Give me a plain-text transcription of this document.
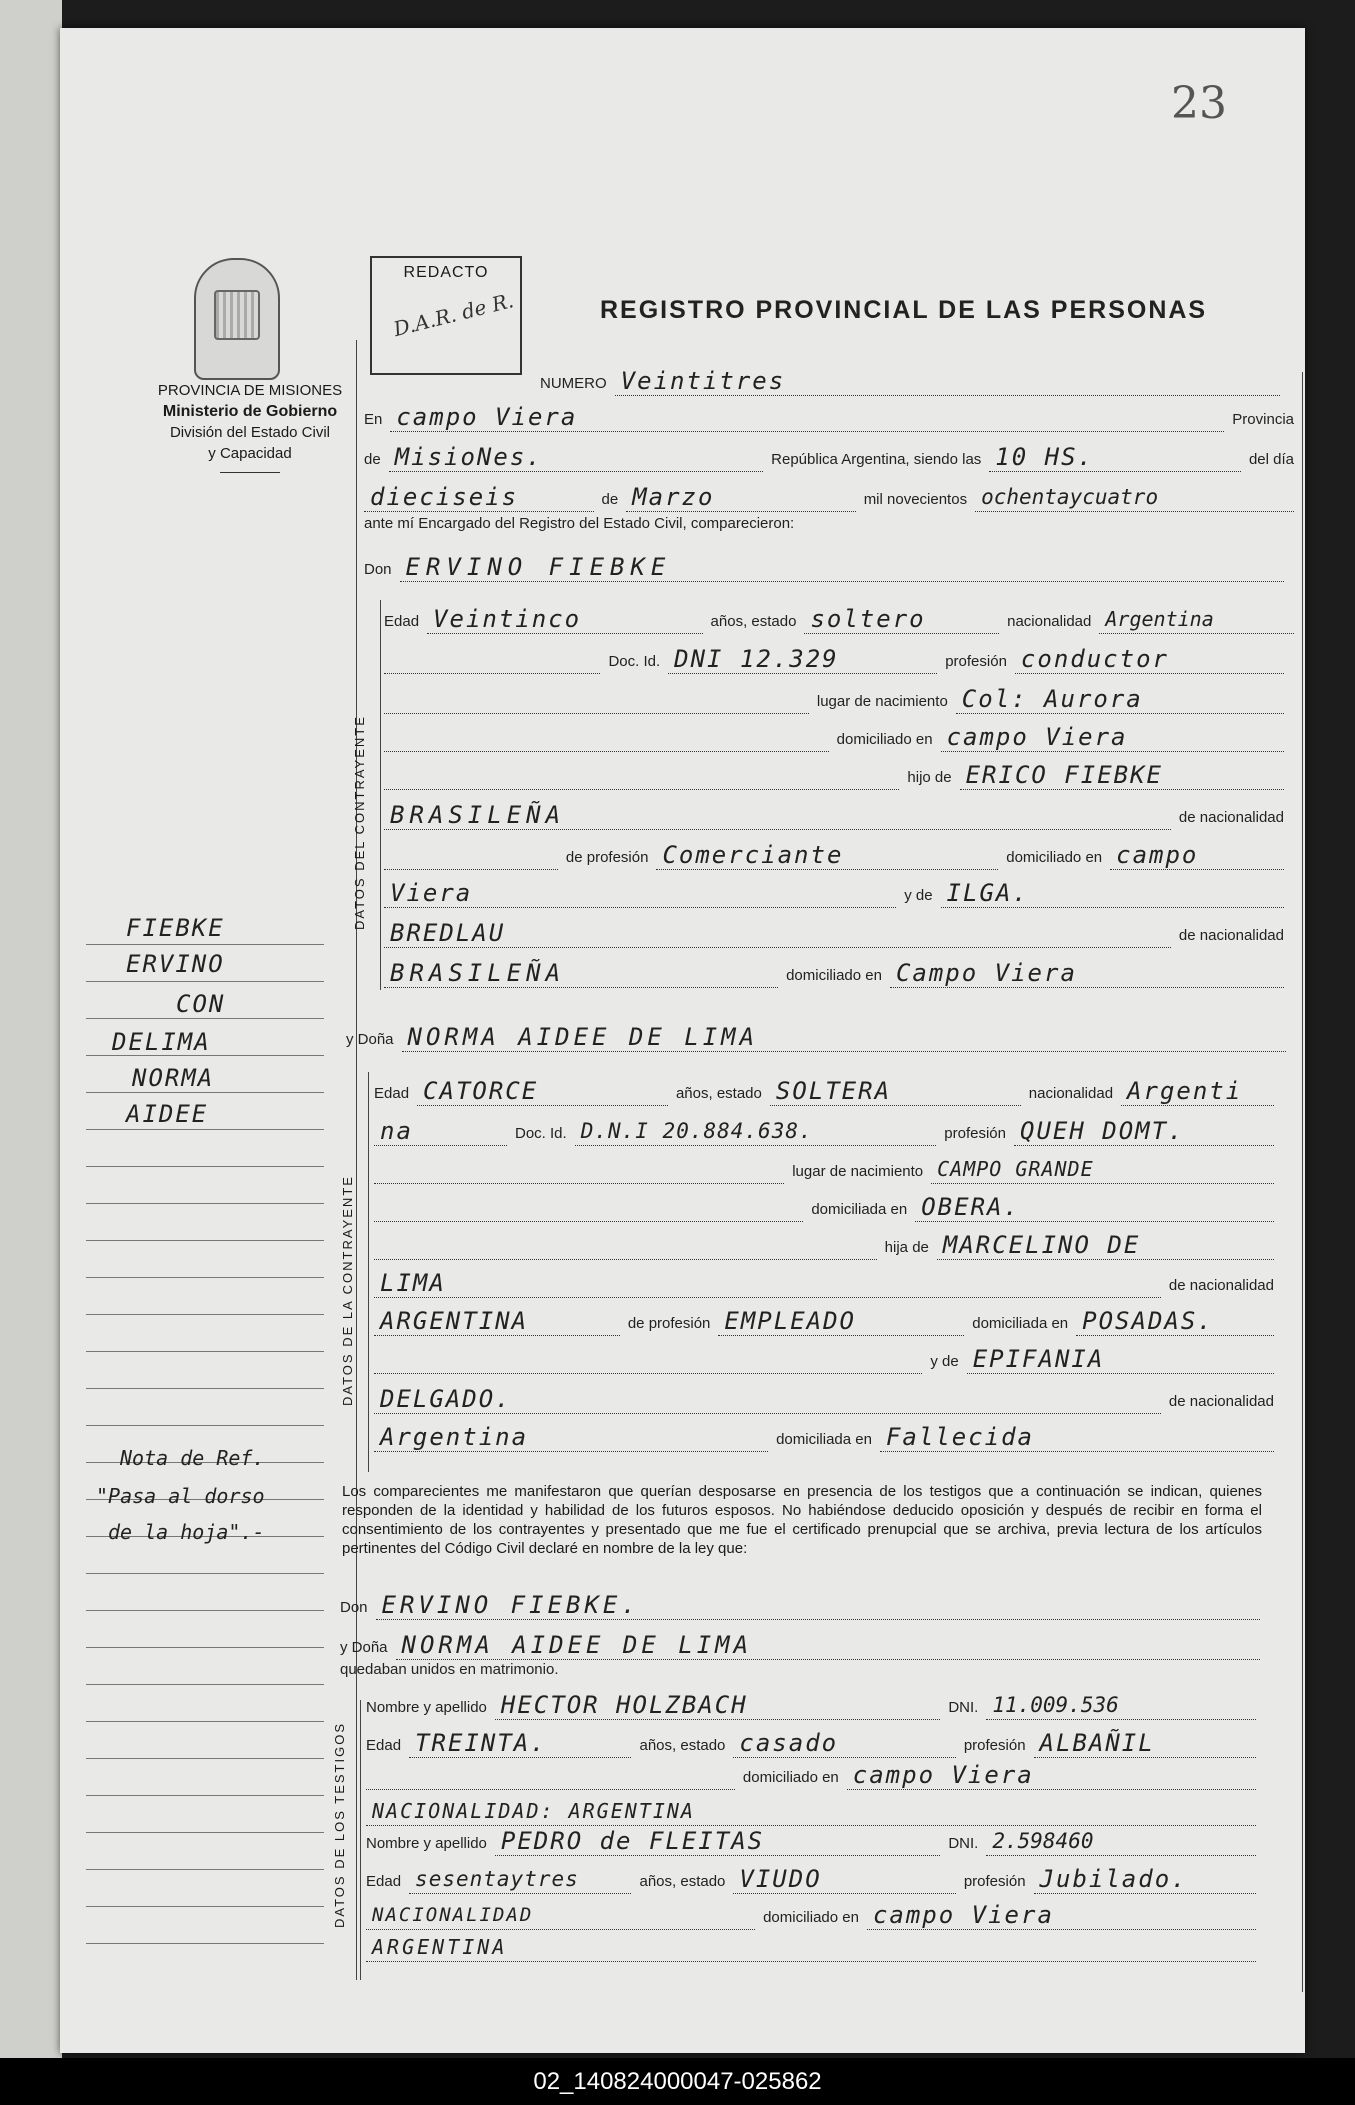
23
REDACTO
D.A.R. de R.	REGISTRO PROVINCIAL DE LAS PERSONAS
PROVINCIA DE MISIONES
Ministerio de Gobierno
División del Estado Civil
y Capacidad
FIEBKE
ERVINO
CON
DELIMA
NORMA
AIDEE
Nota de Ref.
"Pasa al dorso
de la hoja".-
DATOS DEL CONTRAYENTE
DATOS DE LA CONTRAYENTE
DATOS DE LOS TESTIGOS
NUMERO Veintitres
En campo Viera	Provincia
de MisioNes.	República Argentina, siendo las 10 HS.	del día
dieciseis	de Marzo	mil novecientos ochentaycuatro
ante mí Encargado del Registro del Estado Civil, comparecieron:
Don ERVINO FIEBKE
Edad Veintinco	años, estado soltero	nacionalidad Argentina
Doc. Id. DNI 12.329	profesión conductor
lugar de nacimiento Col: Aurora
domiciliado en campo Viera
hijo de ERICO FIEBKE
BRASILEÑA	de nacionalidad
de profesión Comerciante	domiciliado en campo
Viera	y de ILGA.
BREDLAU	de nacionalidad
BRASILEÑA	domiciliado en Campo Viera
y Doña NORMA AIDEE DE LIMA
Edad CATORCE	años, estado SOLTERA	nacionalidad Argenti
na	Doc. Id. D.N.I 20.884.638.	profesión QUEH DOMT.
lugar de nacimiento CAMPO GRANDE
domiciliada en OBERA.
hija de MARCELINO DE
LIMA	de nacionalidad
ARGENTINA	de profesión EMPLEADO	domiciliada en POSADAS.
y de EPIFANIA
DELGADO.	de nacionalidad
Argentina	domiciliada en Fallecida
Los comparecientes me manifestaron que querían desposarse en presencia de los testigos que a continuación se indican, quienes responden de la identidad y habilidad de los futuros esposos. No habiéndose deducido oposición y después de recibir en forma el consentimiento de los contrayentes y presentado que me fue el certificado prenupcial que se archiva, previa lectura de los artículos pertinentes del Código Civil declaré en nombre de la ley que:
Don ERVINO FIEBKE.
y Doña NORMA AIDEE DE LIMA
quedaban unidos en matrimonio.
Nombre y apellido HECTOR HOLZBACH	DNI. 11.009.536
Edad TREINTA.	años, estado casado	profesión ALBAÑIL
domiciliado en campo Viera
NACIONALIDAD: ARGENTINA
Nombre y apellido PEDRO de FLEITAS	DNI. 2.598460
Edad sesentaytres	años, estado VIUDO	profesión Jubilado.
NACIONALIDAD	domiciliado en campo Viera
ARGENTINA
02_140824000047-025862
